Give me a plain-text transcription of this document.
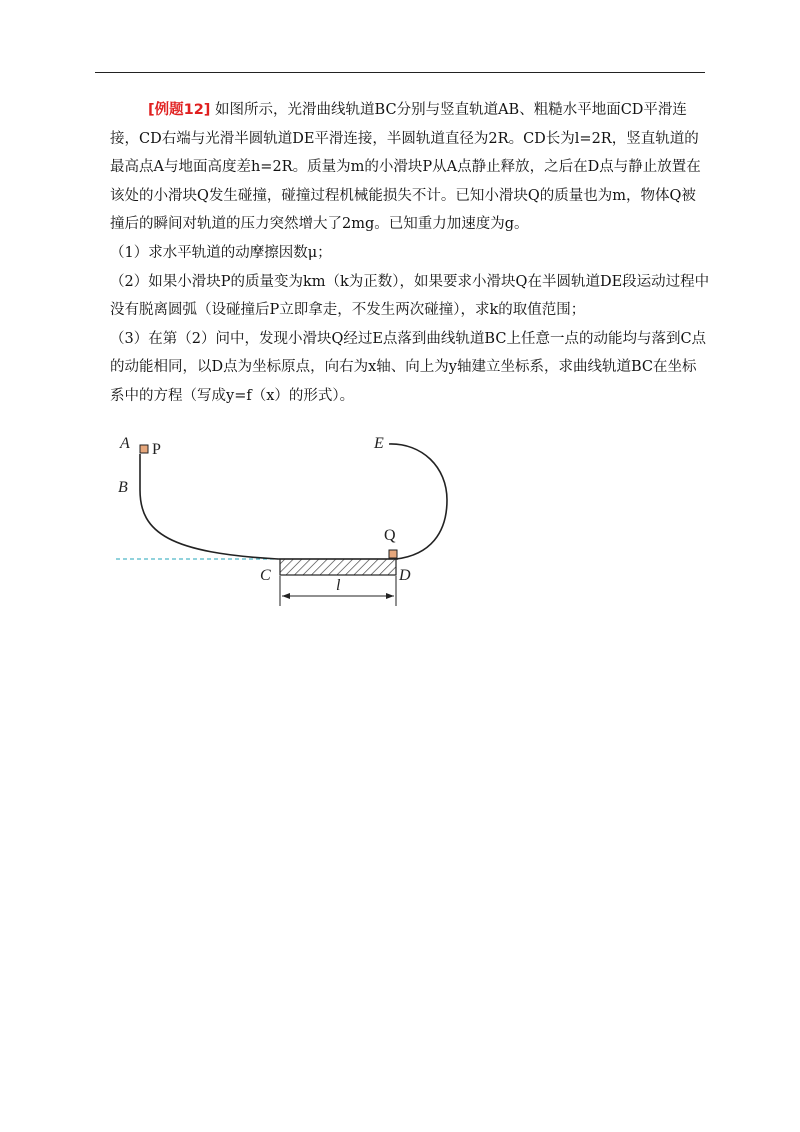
[例题12] 如图所示，光滑曲线轨道BC分别与竖直轨道AB、粗糙水平地面CD平滑连接，CD右端与光滑半圆轨道DE平滑连接，半圆轨道直径为2R。CD长为l=2R，竖直轨道的最高点A与地面高度差h=2R。质量为m的小滑块P从A点静止释放，之后在D点与静止放置在该处的小滑块Q发生碰撞，碰撞过程机械能损失不计。已知小滑块Q的质量也为m，物体Q被撞后的瞬间对轨道的压力突然增大了2mg。已知重力加速度为g。

（1）求水平轨道的动摩擦因数μ；

（2）如果小滑块P的质量变为km（k为正数），如果要求小滑块Q在半圆轨道DE段运动过程中没有脱离圆弧（设碰撞后P立即拿走，不发生两次碰撞），求k的取值范围；

（3）在第（2）问中，发现小滑块Q经过E点落到曲线轨道BC上任意一点的动能均与落到C点的动能相同，以D点为坐标原点，向右为x轴、向上为y轴建立坐标系，求曲线轨道BC在坐标系中的方程（写成y=f（x）的形式）。

A P
B
C	D
E
Q
l
